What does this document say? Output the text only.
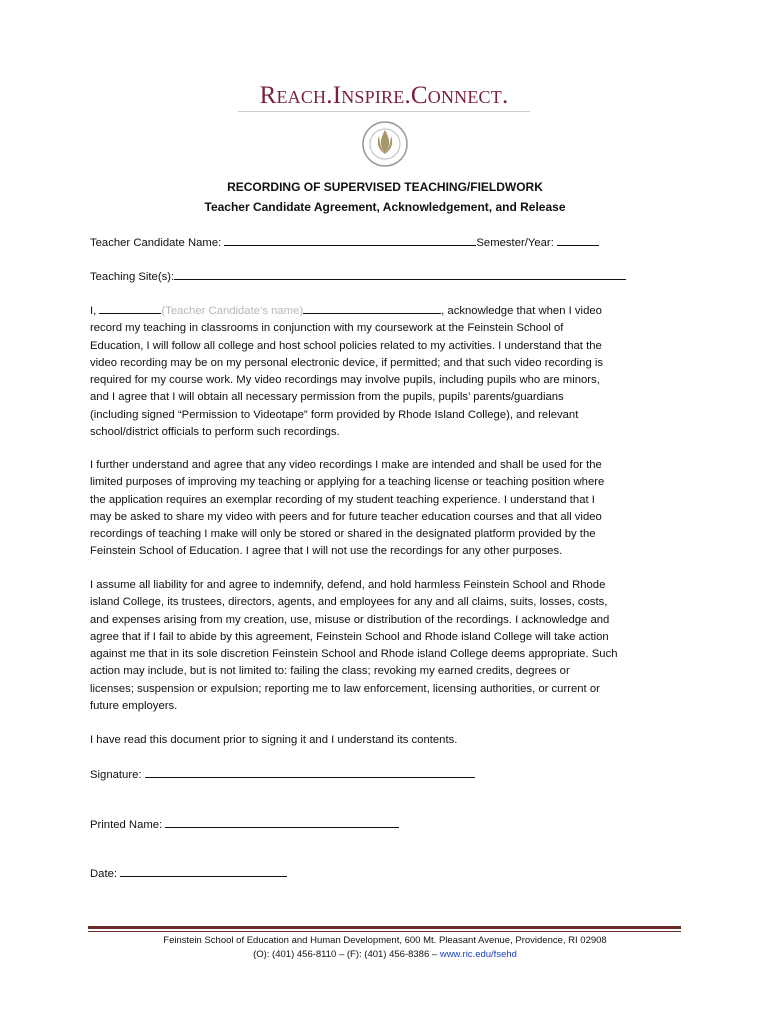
Reach.Inspire.Connect.
RECORDING OF SUPERVISED TEACHING/FIELDWORK
Teacher Candidate Agreement, Acknowledgement, and Release
Teacher Candidate Name:	Semester/Year:
Teaching Site(s):
I,	(Teacher Candidate’s name)	, acknowledge that when I video
record my teaching in classrooms in conjunction with my coursework at the Feinstein School of
Education, I will follow all college and host school policies related to my activities. I understand that the
video recording may be on my personal electronic device, if permitted; and that such video recording is
required for my course work. My video recordings may involve pupils, including pupils who are minors,
and I agree that I will obtain all necessary permission from the pupils, pupils’ parents/guardians
(including signed “Permission to Videotape” form provided by Rhode Island College), and relevant
school/district officials to perform such recordings.
I further understand and agree that any video recordings I make are intended and shall be used for the
limited purposes of improving my teaching or applying for a teaching license or teaching position where
the application requires an exemplar recording of my student teaching experience. I understand that I
may be asked to share my video with peers and for future teacher education courses and that all video
recordings of teaching I make will only be stored or shared in the designated platform provided by the
Feinstein School of Education. I agree that I will not use the recordings for any other purposes.
I assume all liability for and agree to indemnify, defend, and hold harmless Feinstein School and Rhode
island College, its trustees, directors, agents, and employees for any and all claims, suits, losses, costs,
and expenses arising from my creation, use, misuse or distribution of the recordings. I acknowledge and
agree that if I fail to abide by this agreement, Feinstein School and Rhode island College will take action
against me that in its sole discretion Feinstein School and Rhode island College deems appropriate. Such
action may include, but is not limited to: failing the class; revoking my earned credits, degrees or
licenses; suspension or expulsion; reporting me to law enforcement, licensing authorities, or current or
future employers.
I have read this document prior to signing it and I understand its contents.
Signature:
Printed Name:
Date:
Feinstein School of Education and Human Development, 600 Mt. Pleasant Avenue, Providence, RI 02908
(O): (401) 456-8110 – (F): (401) 456-8386 – www.ric.edu/fsehd
